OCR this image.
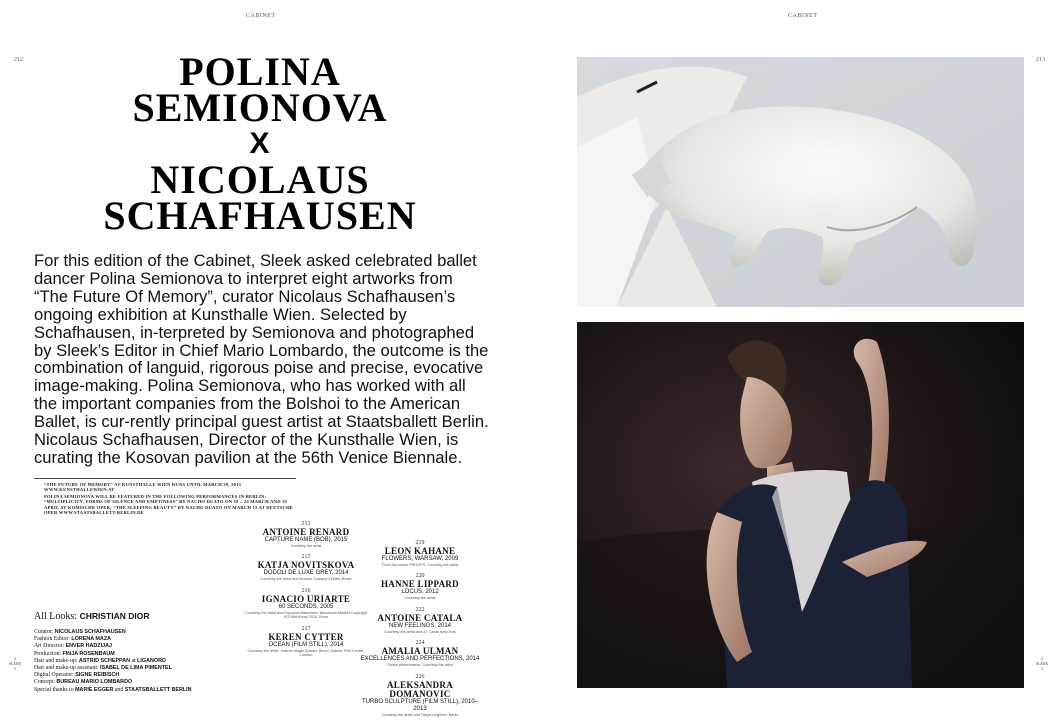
CABINET	CABINET
212	213
2
SLEEK
5
2
SLEEK
5
POLINA
SEMIONOVA
X
NICOLAUS
SCHAFHAUSEN
For this edition of the Cabinet, Sleek asked celebrated ballet dancer Polina Semionova to interpret eight artworks from “The Future Of Memory”, curator Nicolaus Schafhausen’s ongoing exhibition at Kunsthalle Wien. Selected by Schafhausen, in-terpreted by Semionova and photographed by Sleek’s Editor in Chief Mario Lombardo, the outcome is the combination of languid, rigorous poise and precise, evocative image-making. Polina Semionova, who has worked with all the important companies from the Bolshoi to the American Ballet, is cur-rently principal guest artist at Staatsballett Berlin. Nicolaus Schafhausen, Director of the Kunsthalle Wien, is curating the Kosovan pavilion at the 56th Venice Biennale.
“THE FUTURE OF MEMORY” AT KUNSTHALLE WIEN RUNS UNTIL MARCH 29, 2015 WWW.KUNSTHALLEWIEN.AT
POLINA SEMIONOVA WILL BE FEATURED IN THE FOLLOWING PERFORMANCES IN BERLIN: “MULTIPLICITY, FORMS OF SILENCE AND EMPTINESS” BY NACHO DUATO ON 18 – 24 MARCH AND 19 APRIL AT KOMISCHE OPER; “THE SLEEPING BEAUTY” BY NACHO DUATO ON MARCH 15 AT DEUTSCHE OPER WWW.STAATSBALLETT-BERLIN.DE
213
ANTOINE RENARD
CAPTURE NAME (BOB), 2015
Courtesy the artist
215
KATJA NOVITSKOVA
DODOLI DE LUXE GREY, 2014
Courtesy the artist and Kraupa-Tuskany Zeidler, Berlin
216
IGNACIO URIARTE
60 SECONDS, 2005
Courtesy the artist and Figueroa Blanchard, Barcelona-Madrid Copyright VG Bild-Kunst 2015, Bonn
217
KEREN CYTTER
OCEAN (FILM STILL), 2014
Courtesy the artist, Galerie Nagel Draxler, Berlin, Kalmar Film Centre, London
219
LEON KAHANE
FLOWERS, WARSAW, 2009
From the series PROOFS, Courtesy the artist
220
HANNE LIPPARD
LOCUS, 2012
Courtesy the artist
222
ANTOINE CATALA
NEW FEELINGS, 2014
Courtesy the artist and 47 Canal New York
224
AMALIA ULMAN
EXCELLENCES AND PERFECTIONS, 2014
Online performance, Courtesy the artist
226
ALEKSANDRA DOMANOVIC
TURBO SCULPTURE (FILM STILL), 2010–2013
Courtesy the artist and Tanya Leighton, Berlin
All Looks: CHRISTIAN DIOR
Curator: NICOLAUS SCHAFHAUSEN
Fashion Editor: LORENA MAZA
Art Director: ENVER HADZIJAJ
Production: FINJA ROSENBAUM
Hair and make-up: ASTRID SCHEPPAN at LIGANORD
Hair and make-up assistant: ISABEL DE LIMA PIMENTEL
Digital Operator: SIGNE REIBISCH
Concept: BUREAU MARIO LOMBARDO
Special thanks to MARIE EGGER and STAATSBALLETT BERLIN
